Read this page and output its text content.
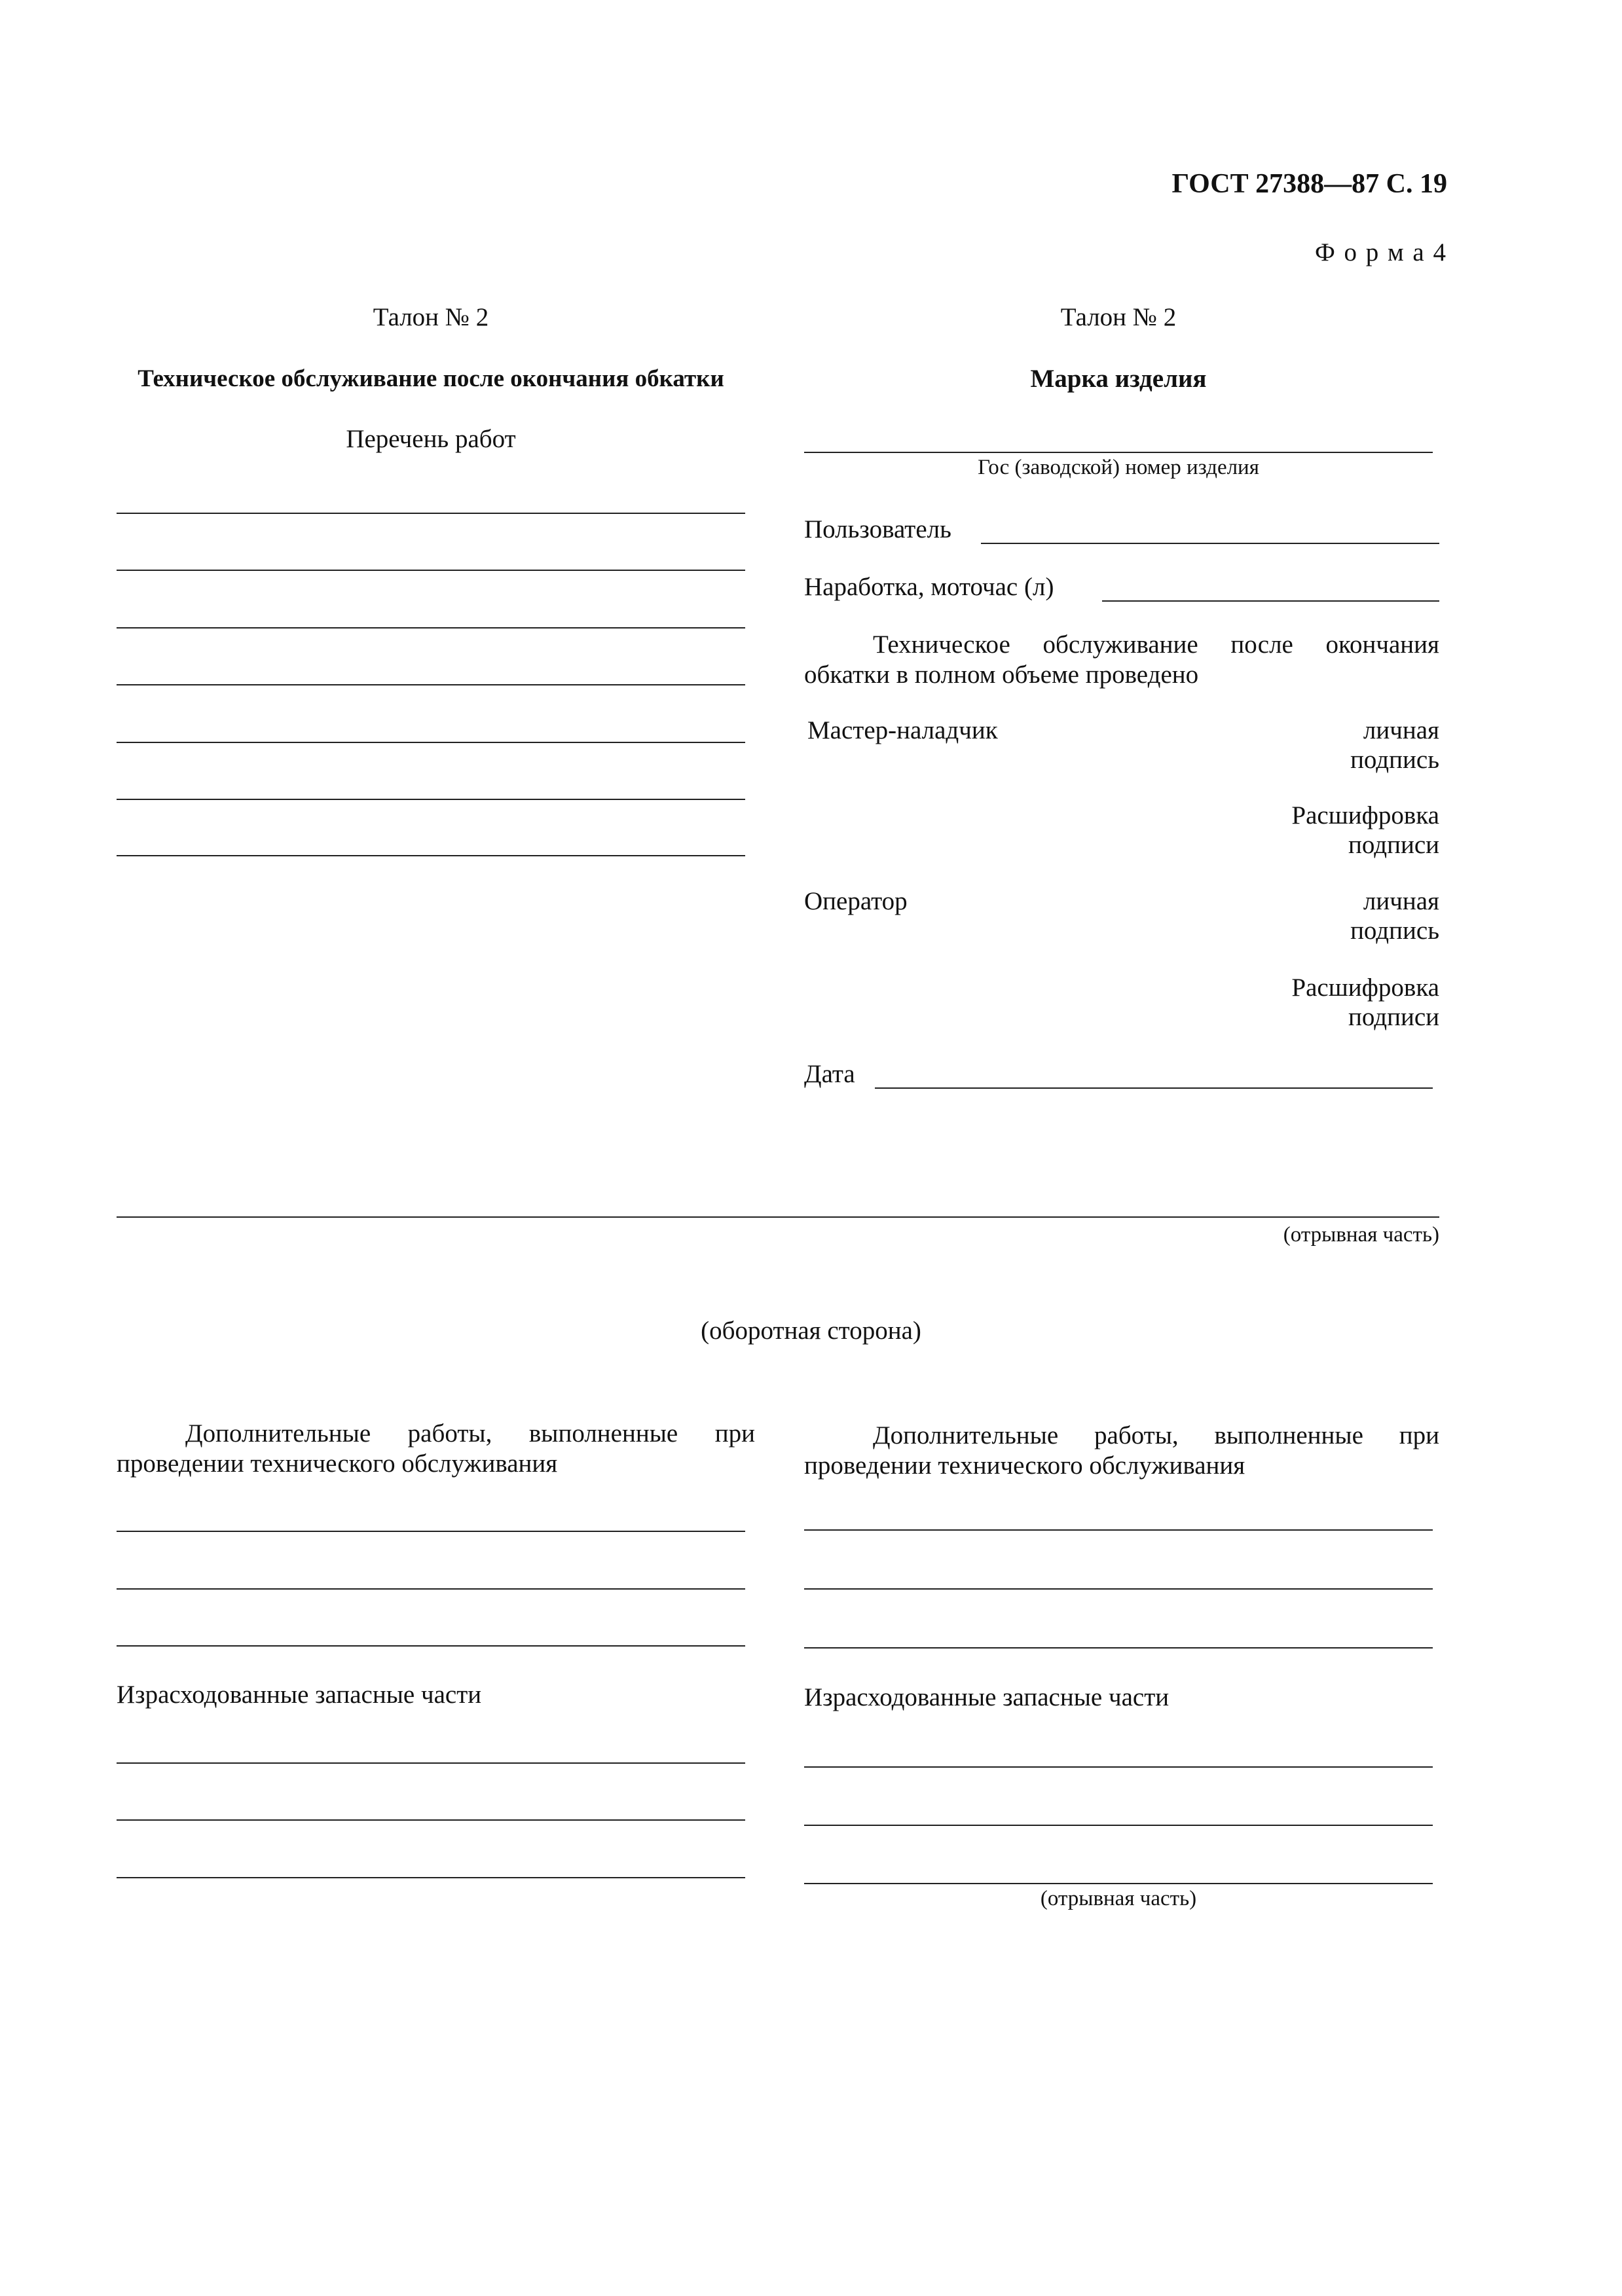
ГОСТ 27388—87 С. 19
Ф о р м а 4
Талон № 2
Техническое обслуживание после окончания обкатки
Перечень работ
Талон № 2
Марка изделия
Гос (заводской) номер изделия
Пользователь
Наработка, моточас (л)
Техническое обслуживание после окончания обкатки в полном объеме проведено
Мастер-наладчик	личная
подпись
Расшифровка
подписи
Оператор	личная
подпись
Расшифровка
подписи
Дата
(отрывная часть)
(оборотная сторона)
Дополнительные работы, выполненные при проведении технического обслуживания
Израсходованные запасные части
Дополнительные работы, выполненные при проведении технического обслуживания
Израсходованные запасные части
(отрывная часть)
